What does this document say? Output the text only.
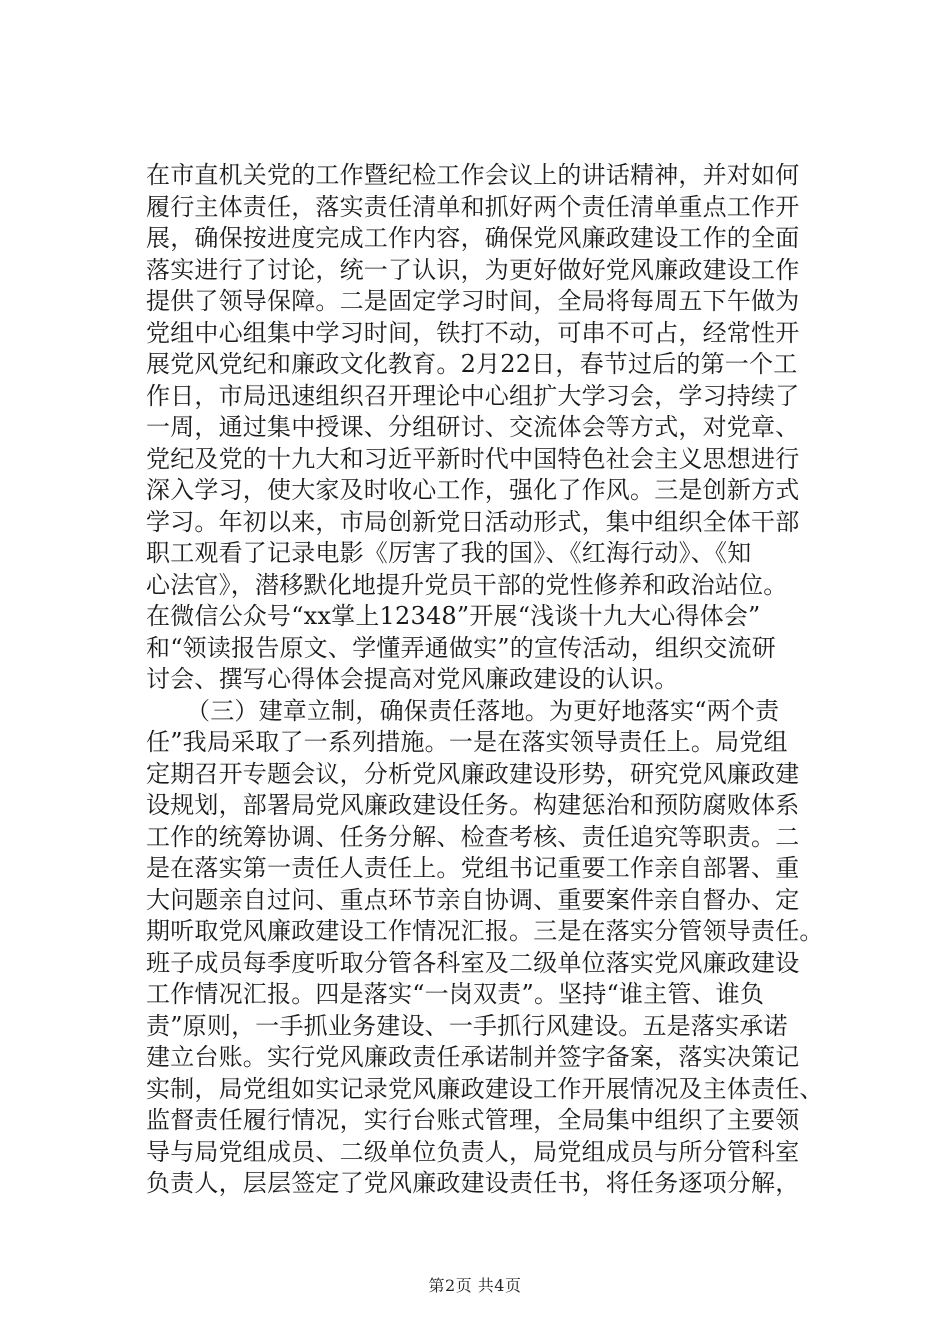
在市直机关党的工作暨纪检工作会议上的讲话精神，并对如何
履行主体责任，落实责任清单和抓好两个责任清单重点工作开
展，确保按进度完成工作内容，确保党风廉政建设工作的全面
落实进行了讨论，统一了认识，为更好做好党风廉政建设工作
提供了领导保障。二是固定学习时间，全局将每周五下午做为
党组中心组集中学习时间，铁打不动，可串不可占，经常性开
展党风党纪和廉政文化教育。2月22日，春节过后的第一个工
作日，市局迅速组织召开理论中心组扩大学习会，学习持续了
一周，通过集中授课、分组研讨、交流体会等方式，对党章、
党纪及党的十九大和习近平新时代中国特色社会主义思想进行
深入学习，使大家及时收心工作，强化了作风。三是创新方式
学习。年初以来，市局创新党日活动形式，集中组织全体干部
职工观看了记录电影《厉害了我的国》、《红海行动》、《知
心法官》，潜移默化地提升党员干部的党性修养和政治站位。
在微信公众号“xx掌上12348”开展“浅谈十九大心得体会”
和“领读报告原文、学懂弄通做实”的宣传活动，组织交流研
讨会、撰写心得体会提高对党风廉政建设的认识。
（三）建章立制，确保责任落地。为更好地落实“两个责
任”我局采取了一系列措施。一是在落实领导责任上。局党组
定期召开专题会议，分析党风廉政建设形势，研究党风廉政建
设规划，部署局党风廉政建设任务。构建惩治和预防腐败体系
工作的统筹协调、任务分解、检查考核、责任追究等职责。二
是在落实第一责任人责任上。党组书记重要工作亲自部署、重
大问题亲自过问、重点环节亲自协调、重要案件亲自督办、定
期听取党风廉政建设工作情况汇报。三是在落实分管领导责任。
班子成员每季度听取分管各科室及二级单位落实党风廉政建设
工作情况汇报。四是落实“一岗双责”。坚持“谁主管、谁负
责”原则，一手抓业务建设、一手抓行风建设。五是落实承诺
建立台账。实行党风廉政责任承诺制并签字备案，落实决策记
实制，局党组如实记录党风廉政建设工作开展情况及主体责任、
监督责任履行情况，实行台账式管理，全局集中组织了主要领
导与局党组成员、二级单位负责人，局党组成员与所分管科室
负责人，层层签定了党风廉政建设责任书，将任务逐项分解，
第2页 共4页
